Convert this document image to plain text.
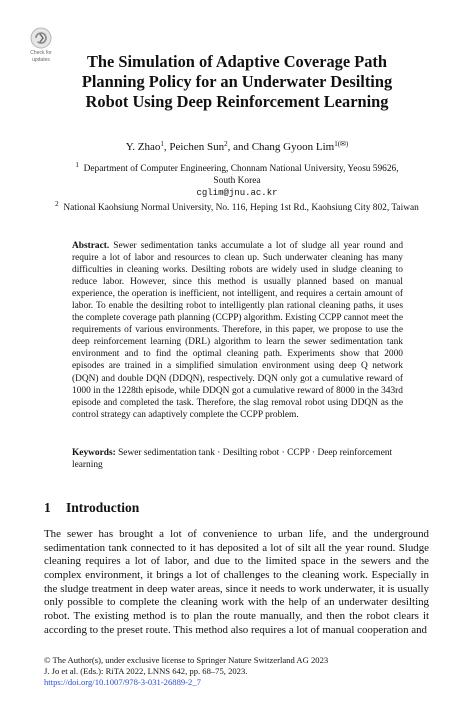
Check for
updates	The Simulation of Adaptive Coverage Path
Planning Policy for an Underwater Desilting
Robot Using Deep Reinforcement Learning
Y. Zhao$^1$, Peichen Sun$^2$, and Chang Gyoon Lim$^{1(✉)}$
$^1$ Department of Computer Engineering, Chonnam National University, Yeosu 59626,
South Korea
cglim@jnu.ac.kr
$^2$ National Kaohsiung Normal University, No. 116, Heping 1st Rd., Kaohsiung City 802, Taiwan
Abstract. Sewer sedimentation tanks accumulate a lot of sludge all year round and require a lot of labor and resources to clean up. Such underwater cleaning has many difficulties in cleaning works. Desilting robots are widely used in sludge cleaning to reduce labor. However, since this method is usually planned based on manual experience, the operation is inefficient, not intelligent, and requires a certain amount of labor. To enable the desilting robot to intelligently plan rational cleaning paths, it uses the complete coverage path planning (CCPP) algorithm. Existing CCPP cannot meet the requirements of various environments. Therefore, in this paper, we propose to use the deep reinforcement learning (DRL) algorithm to learn the sewer sedimentation tank environment and to find the optimal cleaning path. Experiments show that 2000 episodes are trained in a simplified simulation environment using deep Q network (DQN) and double DQN (DDQN), respectively. DQN only got a cumulative reward of 1000 in the 1228th episode, while DDQN got a cumulative reward of 8000 in the 343rd episode and completed the task. Therefore, the slag removal robot using DDQN as the control strategy can adaptively complete the CCPP problem.
Keywords: Sewer sedimentation tank · Desilting robot · CCPP · Deep reinforcement learning
1 Introduction
The sewer has brought a lot of convenience to urban life, and the underground sedimentation tank connected to it has deposited a lot of silt all the year round. Sludge cleaning requires a lot of labor, and due to the limited space in the sewers and the complex environment, it brings a lot of challenges to the cleaning work. Especially in the sludge treatment in deep water areas, since it needs to work underwater, it is usually only possible to complete the cleaning work with the help of an underwater desilting robot. The existing method is to plan the route manually, and then the robot clears it according to the preset route. This method also requires a lot of manual cooperation and
© The Author(s), under exclusive license to Springer Nature Switzerland AG 2023
J. Jo et al. (Eds.): RiTA 2022, LNNS 642, pp. 68–75, 2023.
https://doi.org/10.1007/978-3-031-26889-2_7
